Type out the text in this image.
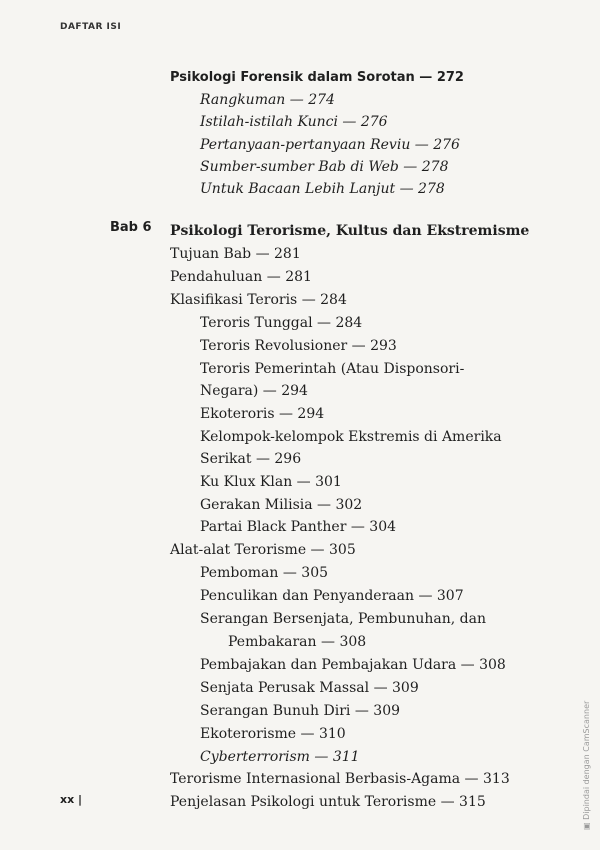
DAFTAR ISI
Psikologi Forensik dalam Sorotan — 272
Rangkuman — 274
Istilah-istilah Kunci — 276
Pertanyaan-pertanyaan Reviu — 276
Sumber-sumber Bab di Web — 278
Untuk Bacaan Lebih Lanjut — 278
Bab 6 Psikologi Terorisme, Kultus dan Ekstremisme
Tujuan Bab — 281
Pendahuluan — 281
Klasifikasi Teroris — 284
Teroris Tunggal — 284
Teroris Revolusioner — 293
Teroris Pemerintah (Atau Disponsori-
Negara) — 294
Ekoteroris — 294
Kelompok-kelompok Ekstremis di Amerika
Serikat — 296
Ku Klux Klan — 301
Gerakan Milisia — 302
Partai Black Panther — 304
Alat-alat Terorisme — 305
Pemboman — 305
Penculikan dan Penyanderaan — 307
Serangan Bersenjata, Pembunuhan, dan
Pembakaran — 308
Pembajakan dan Pembajakan Udara — 308
Senjata Perusak Massal — 309
Serangan Bunuh Diri — 309
Ekoterorisme — 310
Cyberterrorism — 311
Terorisme Internasional Berbasis-Agama — 313
Penjelasan Psikologi untuk Terorisme — 315
xx |
▣ Dipindai dengan CamScanner
